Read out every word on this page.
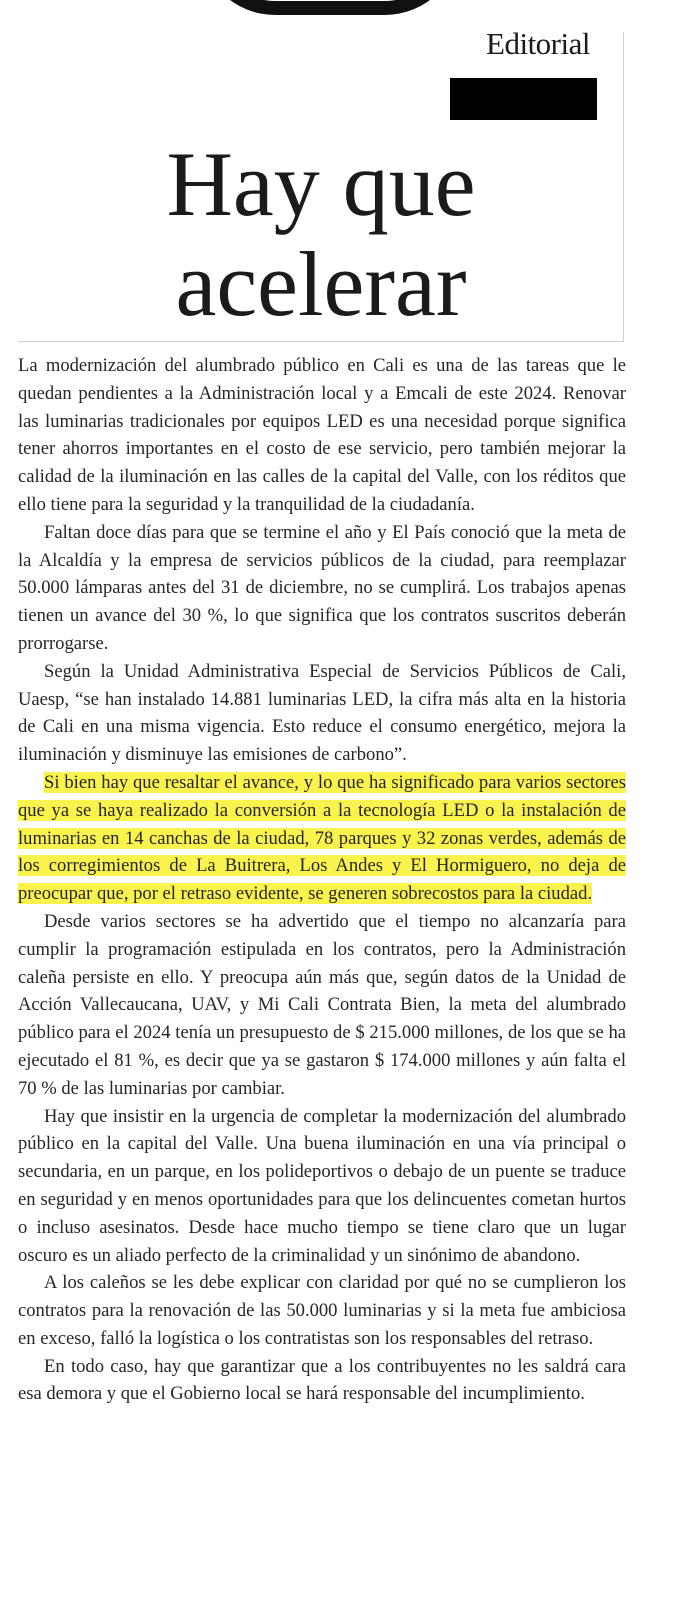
Editorial
Hay que acelerar

La modernización del alumbrado público en Cali es una de las tareas que le quedan pendientes a la Administración local y a Emcali de este 2024. Renovar las luminarias tradicionales por equipos LED es una necesidad porque significa tener ahorros importantes en el costo de ese servicio, pero también mejorar la calidad de la iluminación en las calles de la capital del Valle, con los réditos que ello tiene para la seguridad y la tranquilidad de la ciudadanía.

Faltan doce días para que se termine el año y El País conoció que la meta de la Alcaldía y la empresa de servicios públicos de la ciudad, para reemplazar 50.000 lámparas antes del 31 de diciembre, no se cumplirá. Los trabajos apenas tienen un avance del 30 %, lo que significa que los contratos suscritos deberán prorrogarse.

Según la Unidad Administrativa Especial de Servicios Públicos de Cali, Uaesp, “se han instalado 14.881 luminarias LED, la cifra más alta en la historia de Cali en una misma vigencia. Esto reduce el consumo energético, mejora la iluminación y disminuye las emisiones de carbono”.

Si bien hay que resaltar el avance, y lo que ha significado para varios sectores que ya se haya realizado la conversión a la tecnología LED o la instalación de luminarias en 14 canchas de la ciudad, 78 parques y 32 zonas verdes, además de los corregimientos de La Buitrera, Los Andes y El Hormiguero, no deja de preocupar que, por el retraso evidente, se generen sobrecostos para la ciudad.

Desde varios sectores se ha advertido que el tiempo no alcanzaría para cumplir la programación estipulada en los contratos, pero la Administración caleña persiste en ello. Y preocupa aún más que, según datos de la Unidad de Acción Vallecaucana, UAV, y Mi Cali Contrata Bien, la meta del alumbrado público para el 2024 tenía un presupuesto de $ 215.000 millones, de los que se ha ejecutado el 81 %, es decir que ya se gastaron $ 174.000 millones y aún falta el 70 % de las luminarias por cambiar.

Hay que insistir en la urgencia de completar la modernización del alumbrado público en la capital del Valle. Una buena iluminación en una vía principal o secundaria, en un parque, en los polideportivos o debajo de un puente se traduce en seguridad y en menos oportunidades para que los delincuentes cometan hurtos o incluso asesinatos. Desde hace mucho tiempo se tiene claro que un lugar oscuro es un aliado perfecto de la criminalidad y un sinónimo de abandono.

A los caleños se les debe explicar con claridad por qué no se cumplieron los contratos para la renovación de las 50.000 luminarias y si la meta fue ambiciosa en exceso, falló la logística o los contratistas son los responsables del retraso.

En todo caso, hay que garantizar que a los contribuyentes no les saldrá cara esa demora y que el Gobierno local se hará responsable del incumplimiento.
